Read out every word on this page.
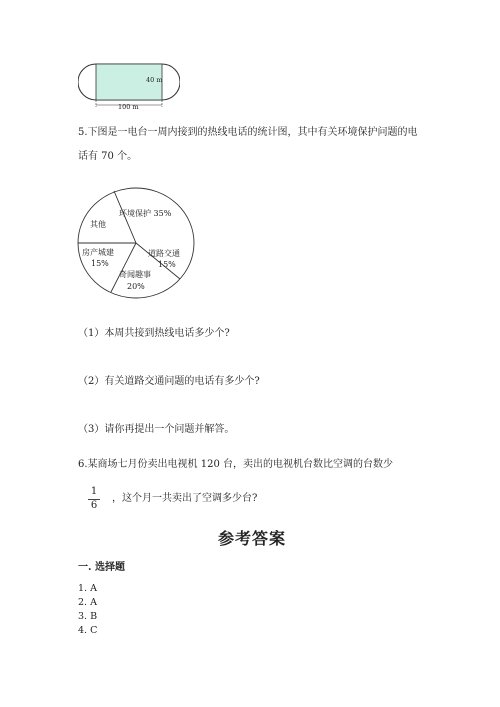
40 m
100 m
5.下图是一电台一周内接到的热线电话的统计图，其中有关环境保护问题的电
话有 70 个。
环境保护 35%
其他
房产城建
15%
道路交通
15%
奇闻趣事
20%
（1）本周共接到热线电话多少个?
（2）有关道路交通问题的电话有多少个?
（3）请你再提出一个问题并解答。
6.某商场七月份卖出电视机 120 台，卖出的电视机台数比空调的台数少
1
6
，这个月一共卖出了空调多少台?
参考答案
一. 选择题
1. A
2. A
3. B
4. C
